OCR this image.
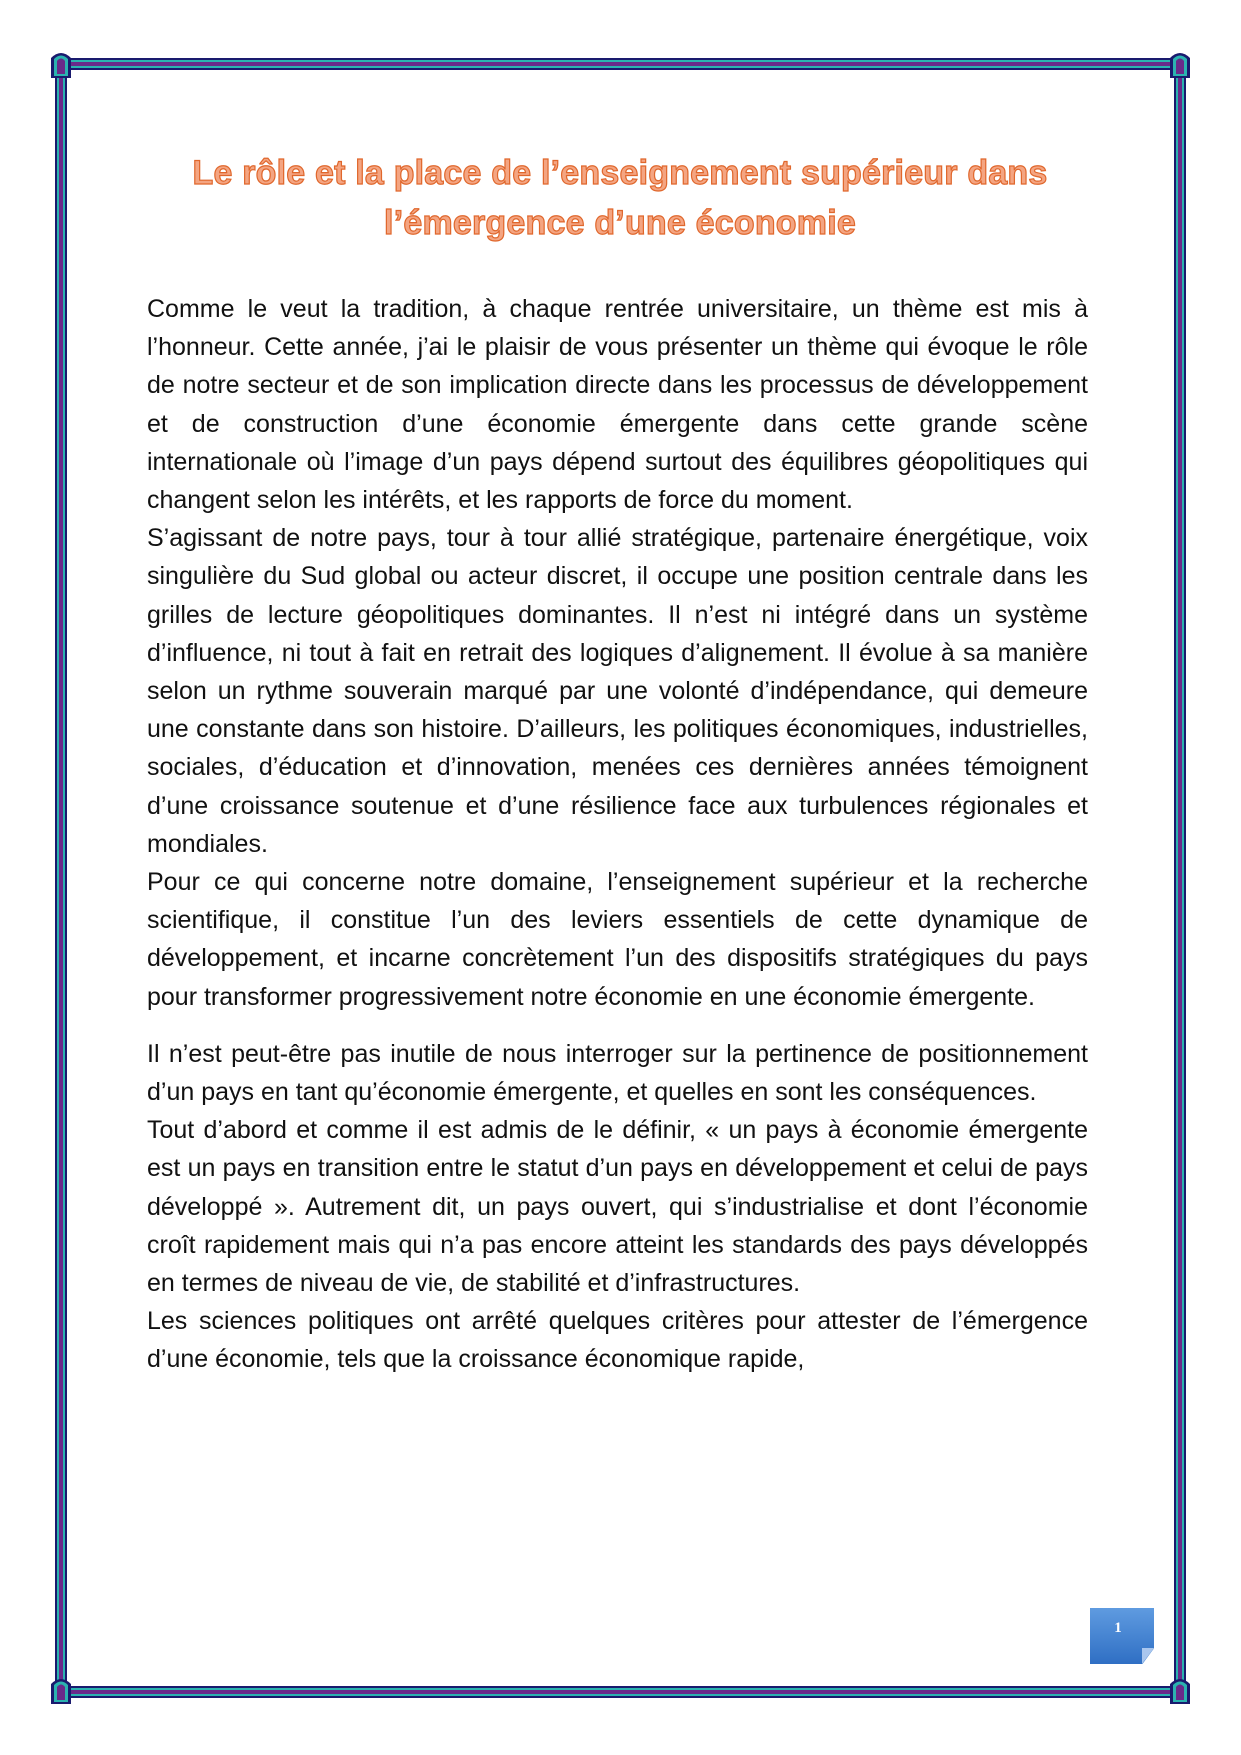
Le rôle et la place de l’enseignement supérieur dans
l’émergence d’une économie

Comme le veut la tradition, à chaque rentrée universitaire, un thème est mis à l’honneur. Cette année, j’ai le plaisir de vous présenter un thème qui évoque le rôle de notre secteur et de son implication directe dans les processus de développement et de construction d’une économie émergente dans cette grande scène internationale où l’image d’un pays dépend surtout des équilibres géopolitiques qui changent selon les intérêts, et les rapports de force du moment.

S’agissant de notre pays, tour à tour allié stratégique, partenaire énergétique, voix singulière du Sud global ou acteur discret, il occupe une position centrale dans les grilles de lecture géopolitiques dominantes. Il n’est ni intégré dans un système d’influence, ni tout à fait en retrait des logiques d’alignement. Il évolue à sa manière selon un rythme souverain marqué par une volonté d’indépendance, qui demeure une constante dans son histoire. D’ailleurs, les politiques économiques, industrielles, sociales, d’éducation et d’innovation, menées ces dernières années témoignent d’une croissance soutenue et d’une résilience face aux turbulences régionales et mondiales.

Pour ce qui concerne notre domaine, l’enseignement supérieur et la recherche scientifique, il constitue l’un des leviers essentiels de cette dynamique de développement, et incarne concrètement l’un des dispositifs stratégiques du pays pour transformer progressivement notre économie en une économie émergente.

Il n’est peut-être pas inutile de nous interroger sur la pertinence de positionnement d’un pays en tant qu’économie émergente, et quelles en sont les conséquences.

Tout d’abord et comme il est admis de le définir, « un pays à économie émergente est un pays en transition entre le statut d’un pays en développement et celui de pays développé ». Autrement dit, un pays ouvert, qui s’industrialise et dont l’économie croît rapidement mais qui n’a pas encore atteint les standards des pays développés en termes de niveau de vie, de stabilité et d’infrastructures.

Les sciences politiques ont arrêté quelques critères pour attester de l’émergence d’une économie, tels que la croissance économique rapide,

1
